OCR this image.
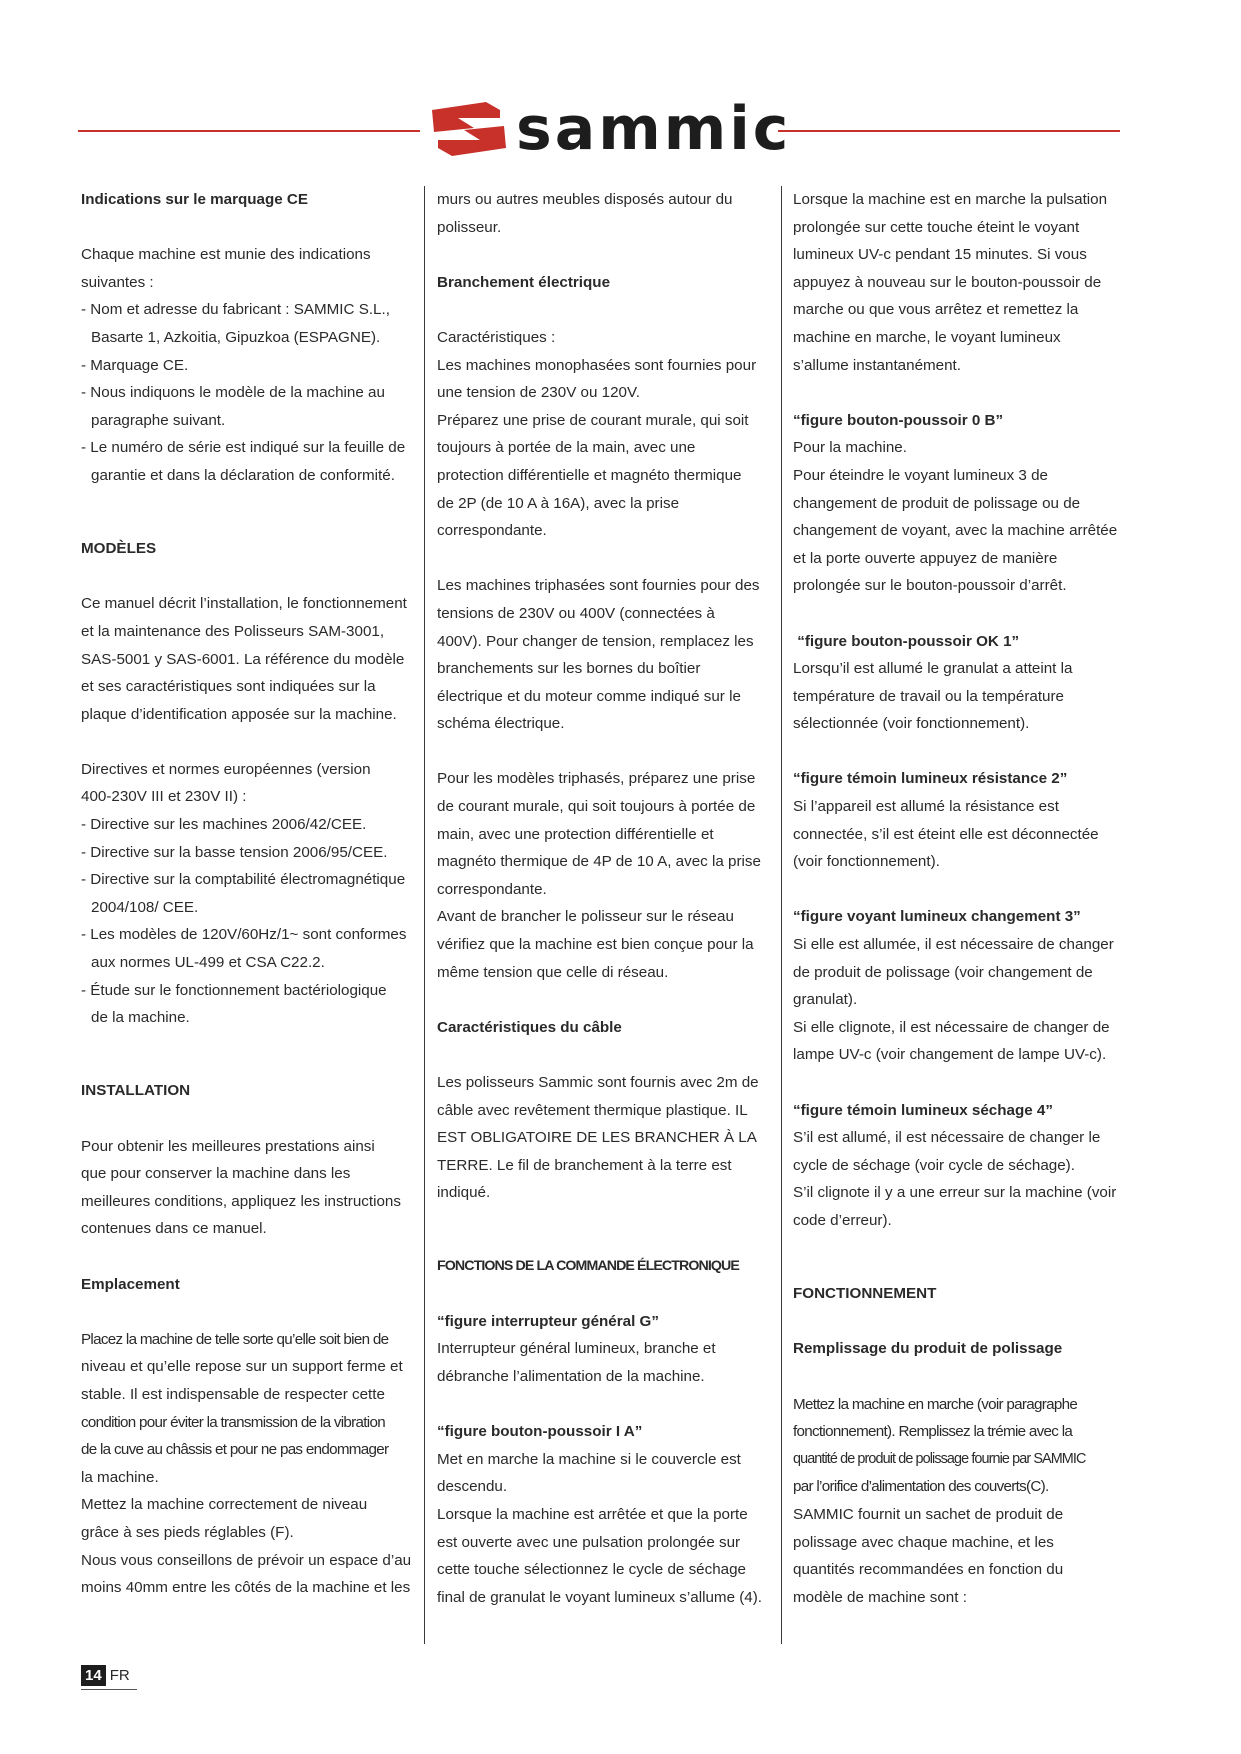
sammic

Indications sur le marquage CE

Chaque machine est munie des indications

suivantes :

- Nom et adresse du fabricant : SAMMIC S.L.,

Basarte 1, Azkoitia, Gipuzkoa (ESPAGNE).

- Marquage CE.

- Nous indiquons le modèle de la machine au

paragraphe suivant.

- Le numéro de série est indiqué sur la feuille de

garantie et dans la déclaration de conformité.

MODÈLES

Ce manuel décrit l’installation, le fonctionnement

et la maintenance des Polisseurs SAM-3001,

SAS-5001 y SAS-6001. La référence du modèle

et ses caractéristiques sont indiquées sur la

plaque d’identification apposée sur la machine.

Directives et normes européennes (version

400-230V III et 230V II) :

- Directive sur les machines 2006/42/CEE.

- Directive sur la basse tension 2006/95/CEE.

- Directive sur la comptabilité électromagnétique

2004/108/ CEE.

- Les modèles de 120V/60Hz/1~ sont conformes

aux normes UL-499 et CSA C22.2.

- Étude sur le fonctionnement bactériologique

de la machine.

INSTALLATION

Pour obtenir les meilleures prestations ainsi

que pour conserver la machine dans les

meilleures conditions, appliquez les instructions

contenues dans ce manuel.

Emplacement

Placez la machine de telle sorte qu’elle soit bien de

niveau et qu’elle repose sur un support ferme et

stable. Il est indispensable de respecter cette

condition pour éviter la transmission de la vibration

de la cuve au châssis et pour ne pas endommager

la machine.

Mettez la machine correctement de niveau

grâce à ses pieds réglables (F).

Nous vous conseillons de prévoir un espace d’au

moins 40mm entre les côtés de la machine et les

murs ou autres meubles disposés autour du

polisseur.

Branchement électrique

Caractéristiques :

Les machines monophasées sont fournies pour

une tension de 230V ou 120V.

Préparez une prise de courant murale, qui soit

toujours à portée de la main, avec une

protection différentielle et magnéto thermique

de 2P (de 10 A à 16A), avec la prise

correspondante.

Les machines triphasées sont fournies pour des

tensions de 230V ou 400V (connectées à

400V). Pour changer de tension, remplacez les

branchements sur les bornes du boîtier

électrique et du moteur comme indiqué sur le

schéma électrique.

Pour les modèles triphasés, préparez une prise

de courant murale, qui soit toujours à portée de

main, avec une protection différentielle et

magnéto thermique de 4P de 10 A, avec la prise

correspondante.

Avant de brancher le polisseur sur le réseau

vérifiez que la machine est bien conçue pour la

même tension que celle di réseau.

Caractéristiques du câble

Les polisseurs Sammic sont fournis avec 2m de

câble avec revêtement thermique plastique. IL

EST OBLIGATOIRE DE LES BRANCHER À LA

TERRE. Le fil de branchement à la terre est

indiqué.

FONCTIONS DE LA COMMANDE ÉLECTRONIQUE

“figure interrupteur général G”

Interrupteur général lumineux, branche et

débranche l’alimentation de la machine.

“figure bouton-poussoir I A”

Met en marche la machine si le couvercle est

descendu.

Lorsque la machine est arrêtée et que la porte

est ouverte avec une pulsation prolongée sur

cette touche sélectionnez le cycle de séchage

final de granulat le voyant lumineux s’allume (4).

Lorsque la machine est en marche la pulsation

prolongée sur cette touche éteint le voyant

lumineux UV-c pendant 15 minutes. Si vous

appuyez à nouveau sur le bouton-poussoir de

marche ou que vous arrêtez et remettez la

machine en marche, le voyant lumineux

s’allume instantanément.

“figure bouton-poussoir 0 B”

Pour la machine.

Pour éteindre le voyant lumineux 3 de

changement de produit de polissage ou de

changement de voyant, avec la machine arrêtée

et la porte ouverte appuyez de manière

prolongée sur le bouton-poussoir d’arrêt.

“figure bouton-poussoir OK 1”

Lorsqu’il est allumé le granulat a atteint la

température de travail ou la température

sélectionnée (voir fonctionnement).

“figure témoin lumineux résistance 2”

Si l’appareil est allumé la résistance est

connectée, s’il est éteint elle est déconnectée

(voir fonctionnement).

“figure voyant lumineux changement 3”

Si elle est allumée, il est nécessaire de changer

de produit de polissage (voir changement de

granulat).

Si elle clignote, il est nécessaire de changer de

lampe UV-c (voir changement de lampe UV-c).

“figure témoin lumineux séchage 4”

S’il est allumé, il est nécessaire de changer le

cycle de séchage (voir cycle de séchage).

S’il clignote il y a une erreur sur la machine (voir

code d’erreur).

FONCTIONNEMENT

Remplissage du produit de polissage

Mettez la machine en marche (voir paragraphe

fonctionnement). Remplissez la trémie avec la

quantité de produit de polissage fournie par SAMMIC

par l’orifice d’alimentation des couverts(C).

SAMMIC fournit un sachet de produit de

polissage avec chaque machine, et les

quantités recommandées en fonction du

modèle de machine sont :

14 FR
